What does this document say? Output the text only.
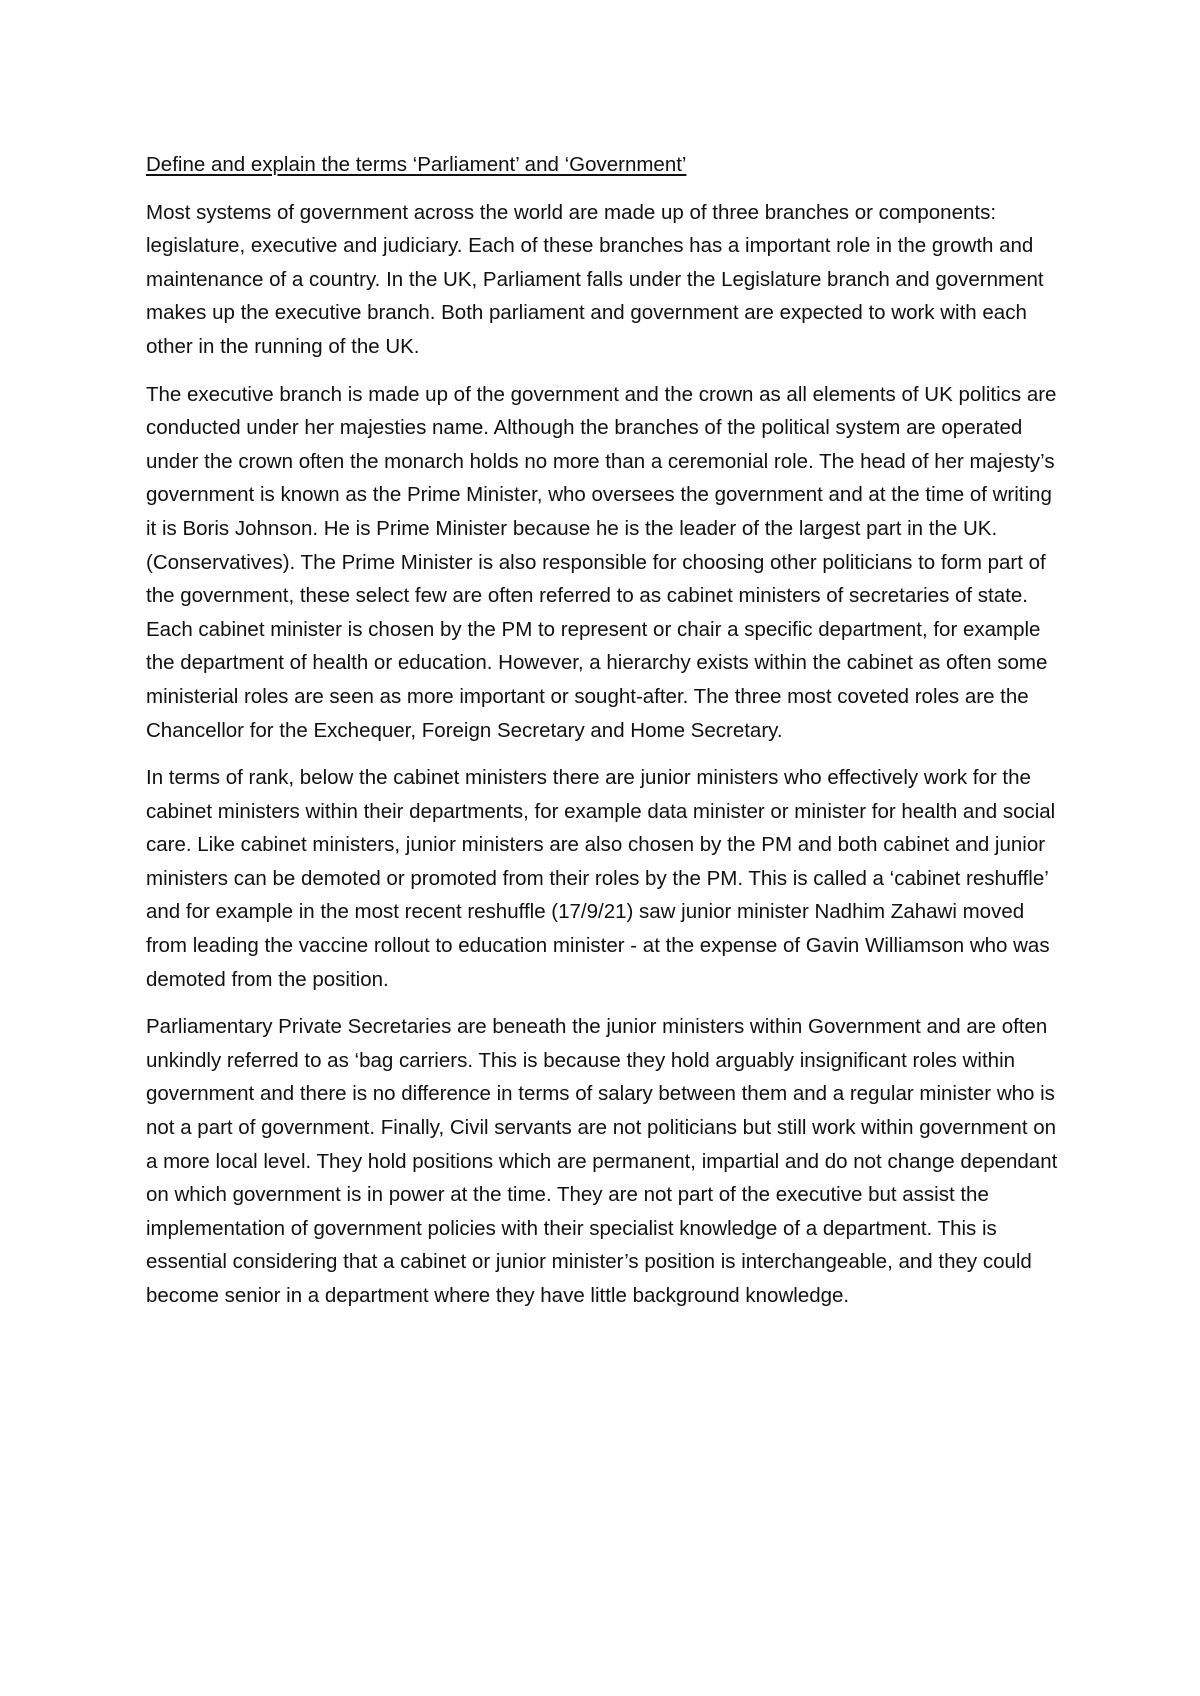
Define and explain the terms ‘Parliament’ and ‘Government’

Most systems of government across the world are made up of three branches or components: legislature, executive and judiciary. Each of these branches has a important role in the growth and maintenance of a country. In the UK, Parliament falls under the Legislature branch and government makes up the executive branch. Both parliament and government are expected to work with each other in the running of the UK.

The executive branch is made up of the government and the crown as all elements of UK politics are conducted under her majesties name. Although the branches of the political system are operated under the crown often the monarch holds no more than a ceremonial role. The head of her majesty’s government is known as the Prime Minister, who oversees the government and at the time of writing it is Boris Johnson. He is Prime Minister because he is the leader of the largest part in the UK. (Conservatives). The Prime Minister is also responsible for choosing other politicians to form part of the government, these select few are often referred to as cabinet ministers of secretaries of state. Each cabinet minister is chosen by the PM to represent or chair a specific department, for example the department of health or education. However, a hierarchy exists within the cabinet as often some ministerial roles are seen as more important or sought-after. The three most coveted roles are the Chancellor for the Exchequer, Foreign Secretary and Home Secretary.

In terms of rank, below the cabinet ministers there are junior ministers who effectively work for the cabinet ministers within their departments, for example data minister or minister for health and social care. Like cabinet ministers, junior ministers are also chosen by the PM and both cabinet and junior ministers can be demoted or promoted from their roles by the PM. This is called a ‘cabinet reshuffle’ and for example in the most recent reshuffle (17/9/21) saw junior minister Nadhim Zahawi moved from leading the vaccine rollout to education minister - at the expense of Gavin Williamson who was demoted from the position.

Parliamentary Private Secretaries are beneath the junior ministers within Government and are often unkindly referred to as ‘bag carriers. This is because they hold arguably insignificant roles within government and there is no difference in terms of salary between them and a regular minister who is not a part of government. Finally, Civil servants are not politicians but still work within government on a more local level. They hold positions which are permanent, impartial and do not change dependant on which government is in power at the time. They are not part of the executive but assist the implementation of government policies with their specialist knowledge of a department. This is essential considering that a cabinet or junior minister’s position is interchangeable, and they could become senior in a department where they have little background knowledge.
